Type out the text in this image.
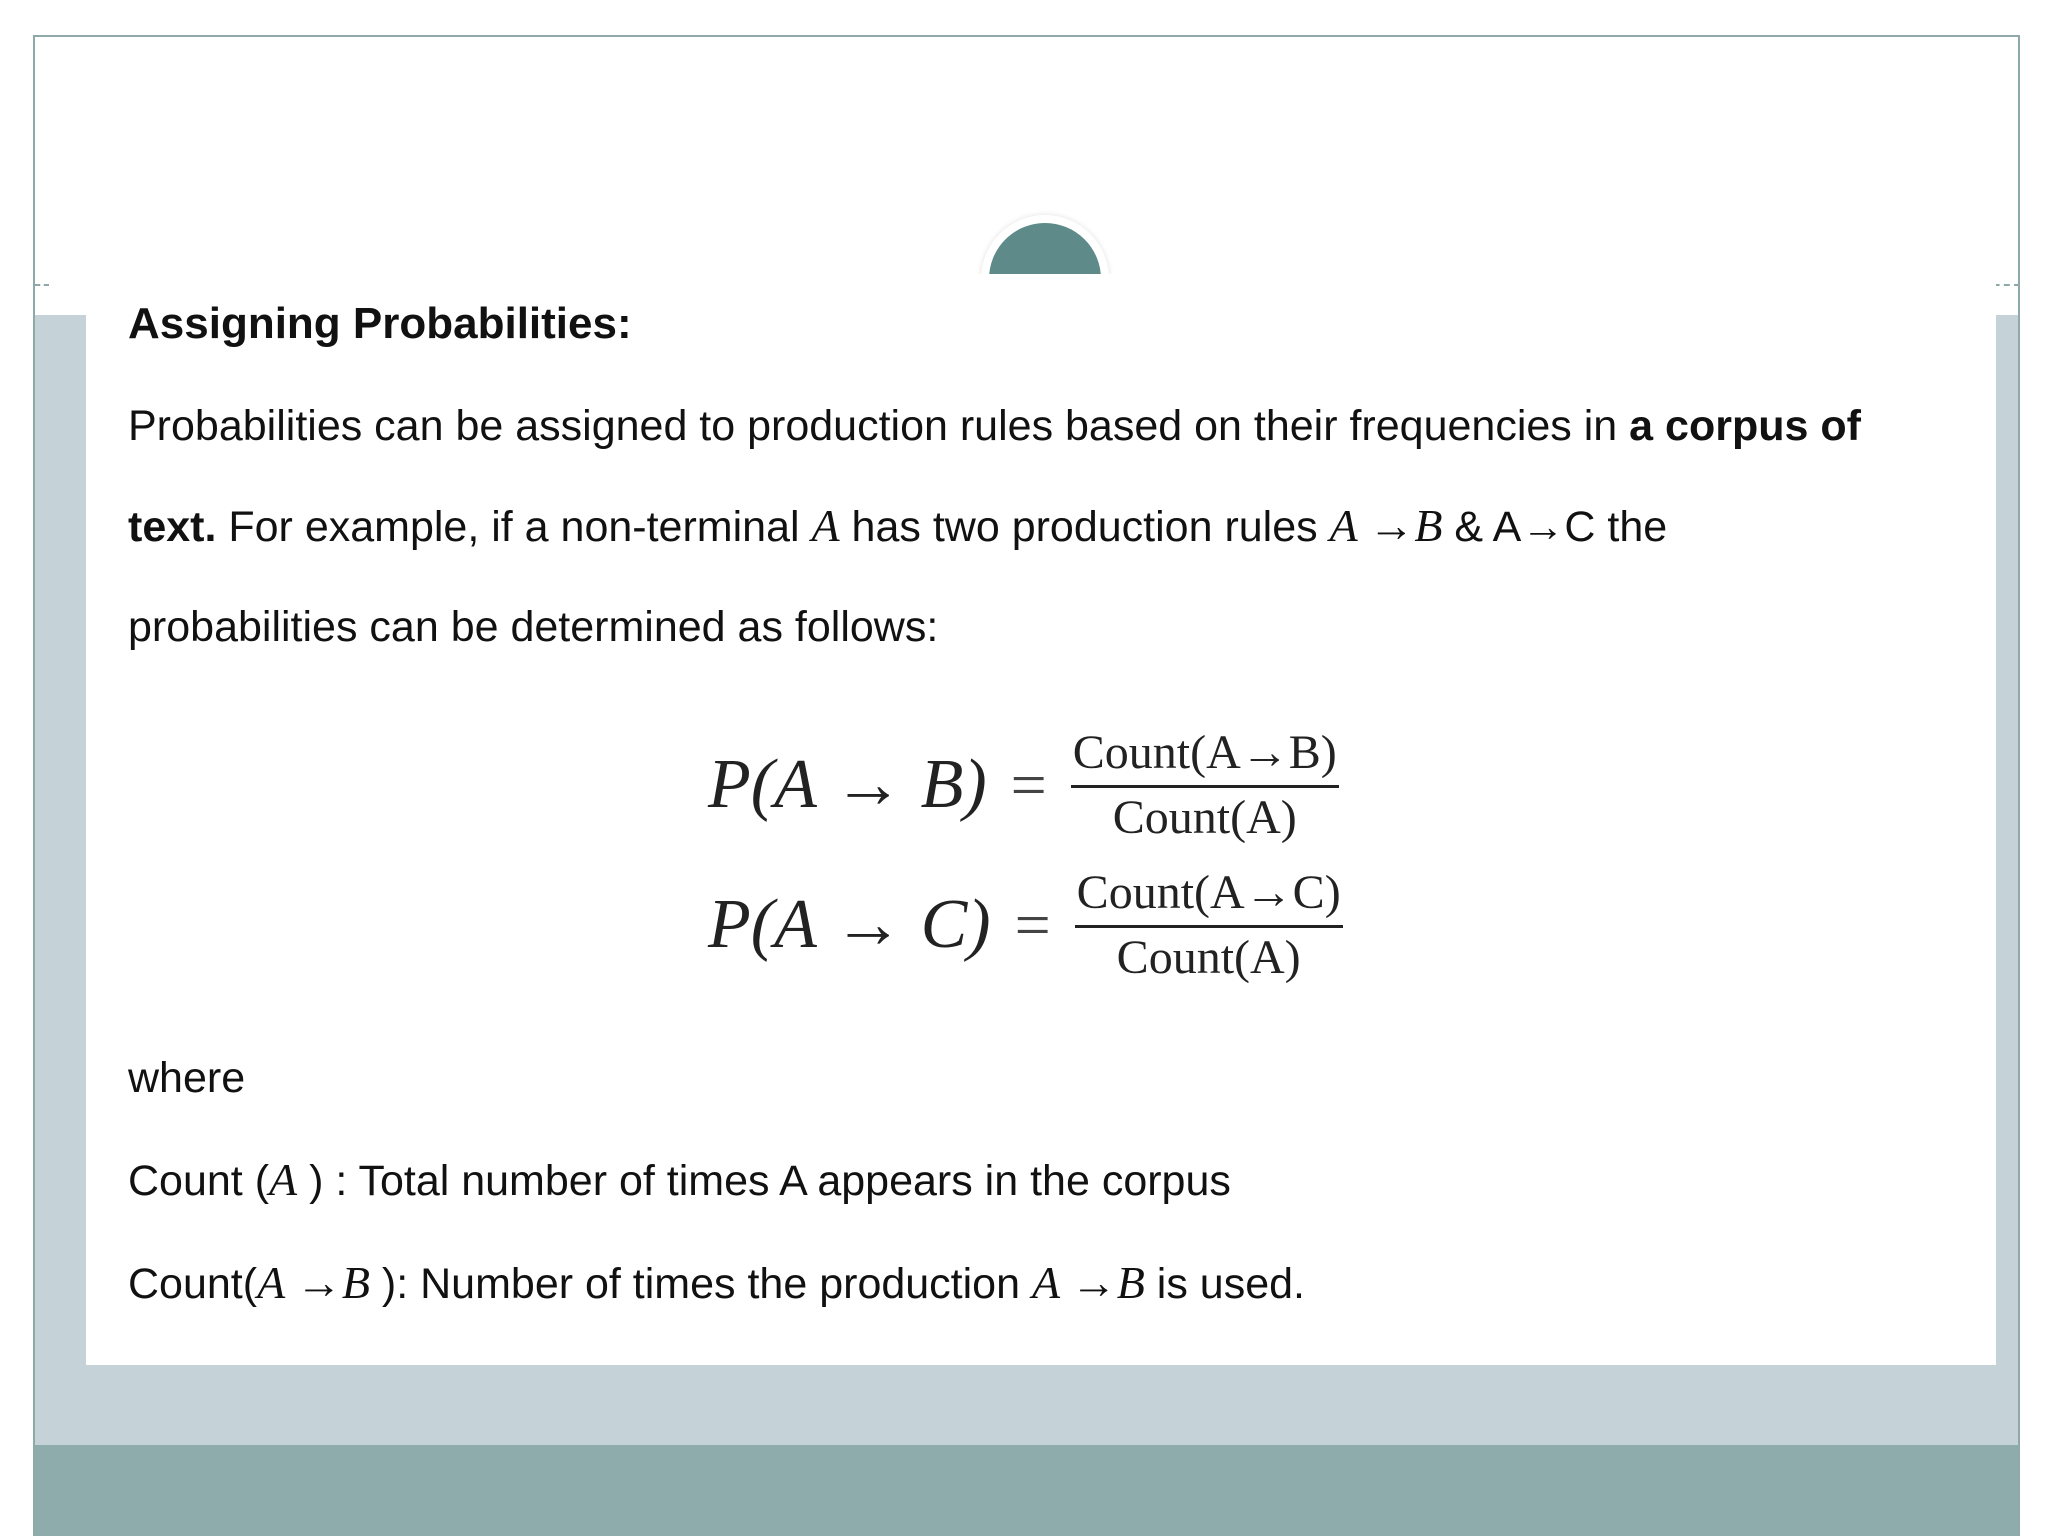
Assigning Probabilities:

Probabilities can be assigned to production rules based on their frequencies in a corpus of
text. For example, if a non-terminal A has two production rules A →B & A→C the
probabilities can be determined as follows:

$P(A \to B) = \frac{\text{Count(A→B)}}{\text{Count(A)}}$
$P(A \to C) = \frac{\text{Count(A→C)}}{\text{Count(A)}}$

where

Count (A ) : Total number of times A appears in the corpus

Count(A →B ): Number of times the production A →B is used.
